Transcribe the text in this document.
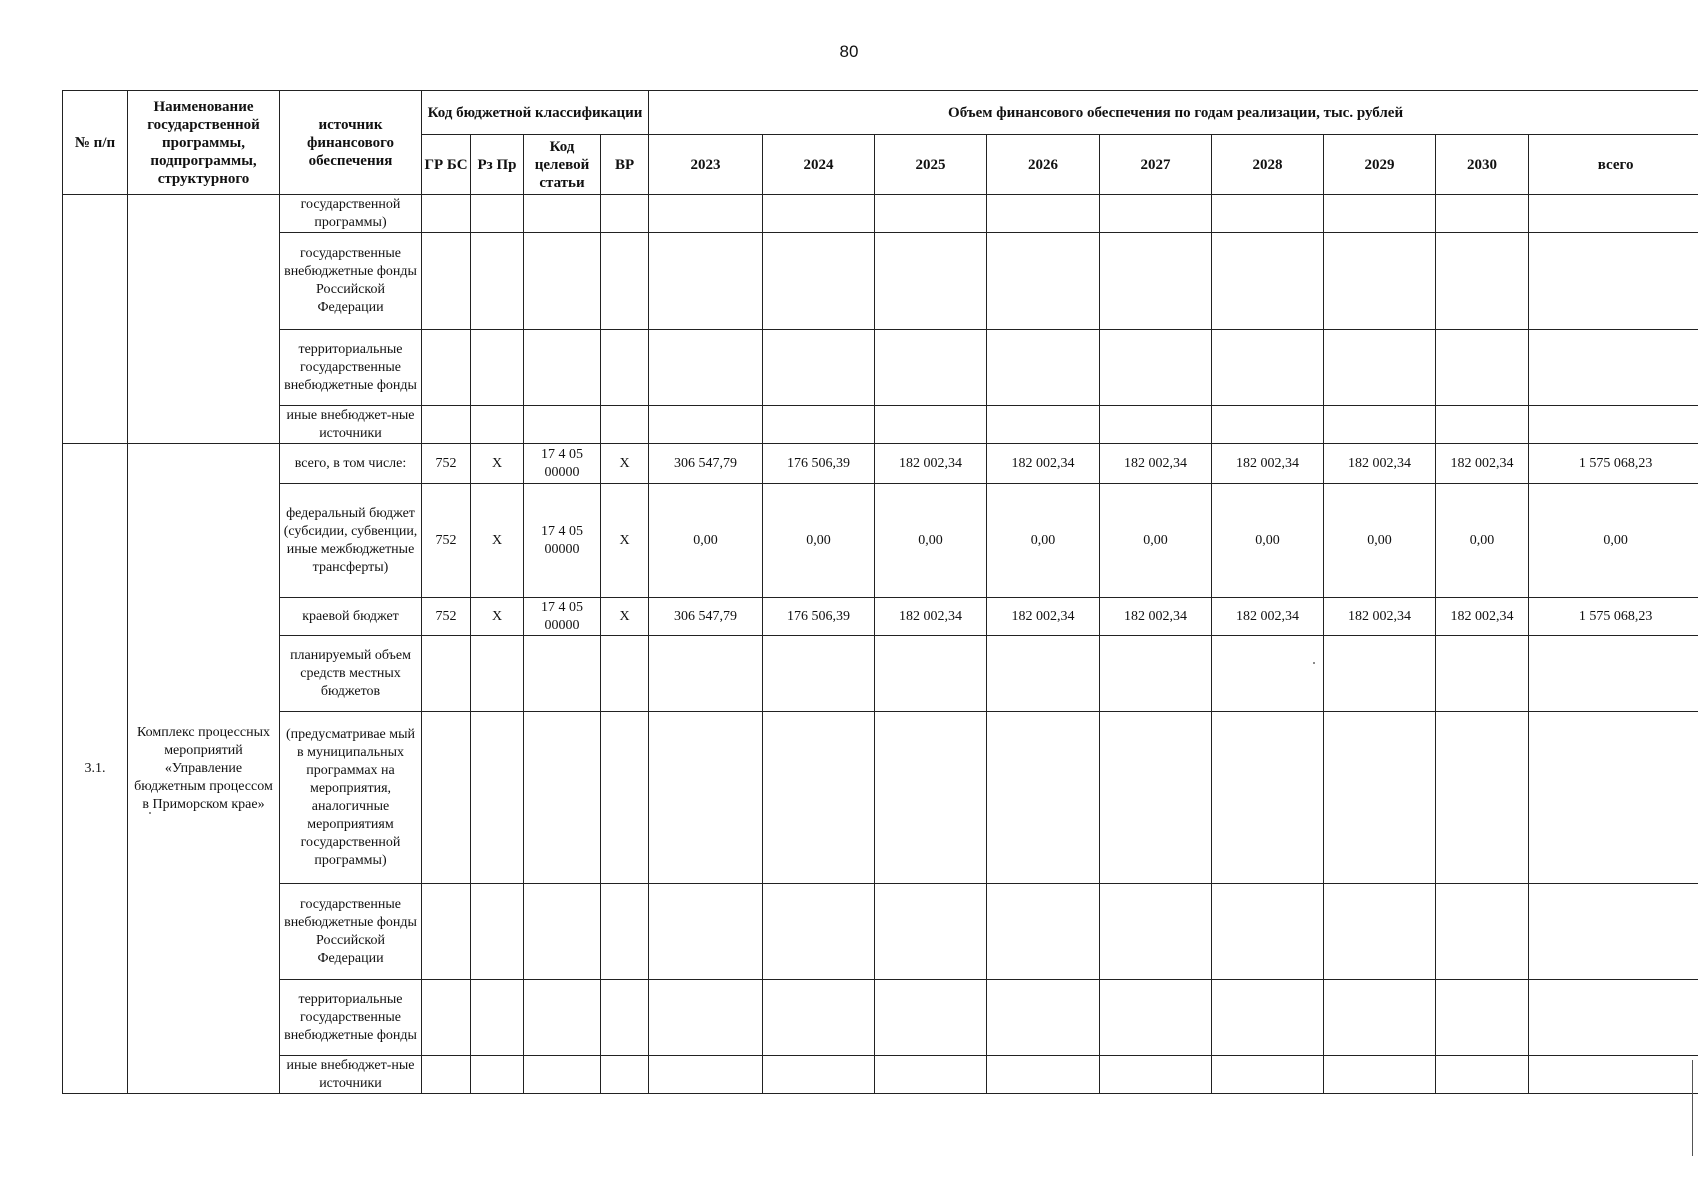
80
№ п/п	Наименование государственной программы, подпрограммы, структурного	источник финансового обеспечения	Код бюджетной классификации				Объем финансового обеспечения по годам реализации, тыс. рублей								
			ГР БС	Рз Пр	Код целевой статьи	ВР	2023	2024	2025	2026	2027	2028	2029	2030	всего
		государственной программы)													
		государственные внебюджетные фонды Российской Федерации													
		территориальные государственные внебюджетные фонды													
		иные внебюджет-ные источники													
3.1.	Комплекс процессных мероприятий «Управление бюджетным процессом в Приморском крае»	всего, в том числе:	752	Х	17 4 05 00000	Х	306 547,79	176 506,39	182 002,34	182 002,34	182 002,34	182 002,34	182 002,34	182 002,34	1 575 068,23
		федеральный бюджет (субсидии, субвенции, иные межбюджетные трансферты)	752	Х	17 4 05 00000	Х	0,00	0,00	0,00	0,00	0,00	0,00	0,00	0,00	0,00
		краевой бюджет	752	Х	17 4 05 00000	Х	306 547,79	176 506,39	182 002,34	182 002,34	182 002,34	182 002,34	182 002,34	182 002,34	1 575 068,23
		планируемый объем средств местных бюджетов													
		(предусматривае мый в муниципальных программах на мероприятия, аналогичные мероприятиям государственной программы)													
		государственные внебюджетные фонды Российской Федерации													
		территориальные государственные внебюджетные фонды													
		иные внебюджет-ные источники													
